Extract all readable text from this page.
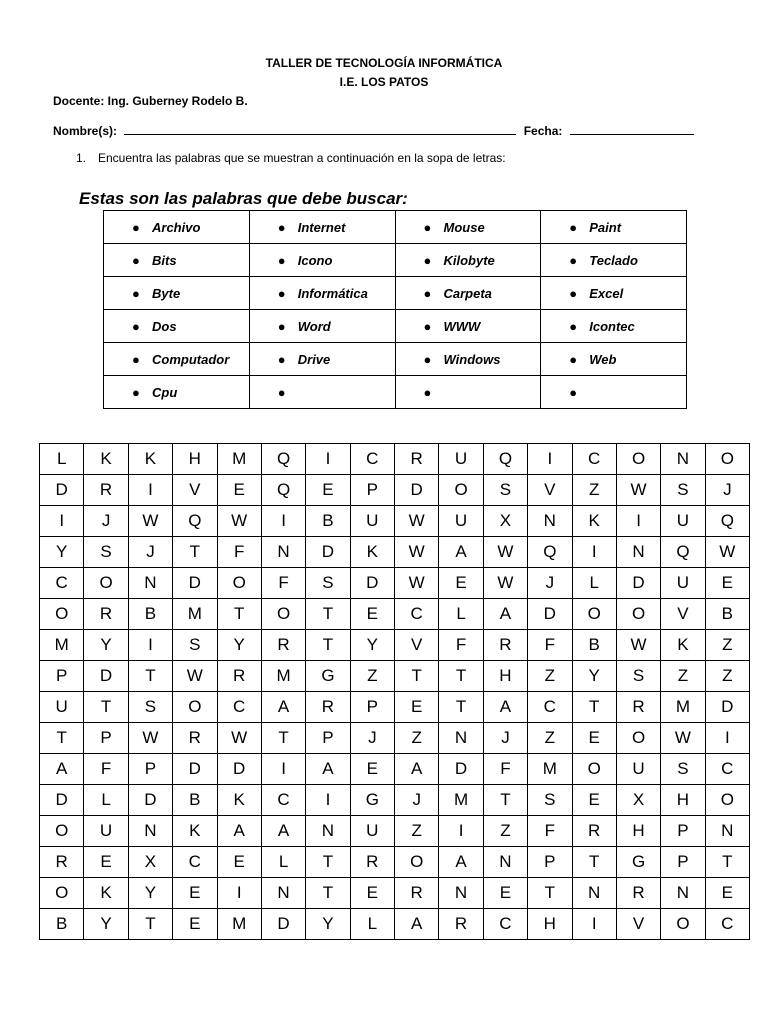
TALLER DE TECNOLOGÍA INFORMÁTICA
I.E. LOS PATOS
Docente: Ing. Guberney Rodelo B.
Nombre(s):	Fecha:
1. Encuentra las palabras que se muestran a continuación en la sopa de letras:
Estas son las palabras que debe buscar:
● Archivo	● Internet	● Mouse	● Paint
● Bits	● Icono	● Kilobyte	● Teclado
● Byte	● Informática	● Carpeta	● Excel
● Dos	● Word	● WWW	● Icontec
● Computador	● Drive	● Windows	● Web
● Cpu	●	●	●
L	K	K	H	M	Q	I	C	R	U	Q	I	C	O	N	O
D	R	I	V	E	Q	E	P	D	O	S	V	Z	W	S	J
I	J	W	Q	W	I	B	U	W	U	X	N	K	I	U	Q
Y	S	J	T	F	N	D	K	W	A	W	Q	I	N	Q	W
C	O	N	D	O	F	S	D	W	E	W	J	L	D	U	E
O	R	B	M	T	O	T	E	C	L	A	D	O	O	V	B
M	Y	I	S	Y	R	T	Y	V	F	R	F	B	W	K	Z
P	D	T	W	R	M	G	Z	T	T	H	Z	Y	S	Z	Z
U	T	S	O	C	A	R	P	E	T	A	C	T	R	M	D
T	P	W	R	W	T	P	J	Z	N	J	Z	E	O	W	I
A	F	P	D	D	I	A	E	A	D	F	M	O	U	S	C
D	L	D	B	K	C	I	G	J	M	T	S	E	X	H	O
O	U	N	K	A	A	N	U	Z	I	Z	F	R	H	P	N
R	E	X	C	E	L	T	R	O	A	N	P	T	G	P	T
O	K	Y	E	I	N	T	E	R	N	E	T	N	R	N	E
B	Y	T	E	M	D	Y	L	A	R	C	H	I	V	O	C
